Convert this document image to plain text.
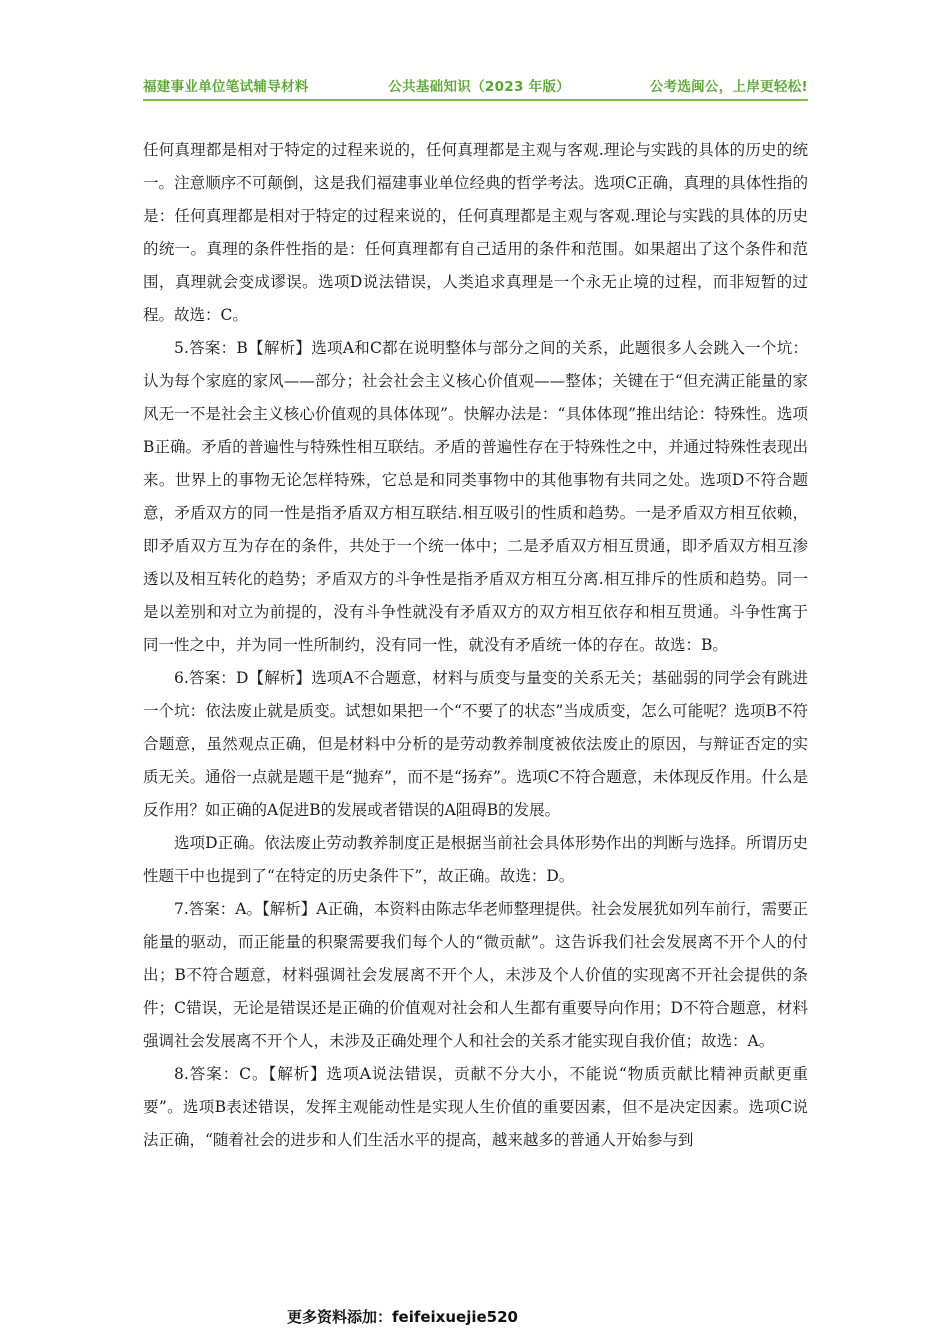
福建事业单位笔试辅导材料	公共基础知识（2023 年版）	公考选闽公，上岸更轻松!

任何真理都是相对于特定的过程来说的，任何真理都是主观与客观.理论与实践的具体的历史的统一。注意顺序不可颠倒，这是我们福建事业单位经典的哲学考法。选项C正确，真理的具体性指的是：任何真理都是相对于特定的过程来说的，任何真理都是主观与客观.理论与实践的具体的历史的统一。真理的条件性指的是：任何真理都有自己适用的条件和范围。如果超出了这个条件和范围，真理就会变成谬误。选项D说法错误，人类追求真理是一个永无止境的过程，而非短暂的过程。故选：C。

5.答案：B【解析】选项A和C都在说明整体与部分之间的关系，此题很多人会跳入一个坑：认为每个家庭的家风——部分；社会社会主义核心价值观——整体；关键在于“但充满正能量的家风无一不是社会主义核心价值观的具体体现”。快解办法是：“具体体现”推出结论：特殊性。选项B正确。矛盾的普遍性与特殊性相互联结。矛盾的普遍性存在于特殊性之中，并通过特殊性表现出来。世界上的事物无论怎样特殊，它总是和同类事物中的其他事物有共同之处。选项D不符合题意，矛盾双方的同一性是指矛盾双方相互联结.相互吸引的性质和趋势。一是矛盾双方相互依赖，即矛盾双方互为存在的条件，共处于一个统一体中；二是矛盾双方相互贯通，即矛盾双方相互渗透以及相互转化的趋势；矛盾双方的斗争性是指矛盾双方相互分离.相互排斥的性质和趋势。同一是以差别和对立为前提的，没有斗争性就没有矛盾双方的双方相互依存和相互贯通。斗争性寓于同一性之中，并为同一性所制约，没有同一性，就没有矛盾统一体的存在。故选：B。

6.答案：D【解析】选项A不合题意，材料与质变与量变的关系无关；基础弱的同学会有跳进一个坑：依法废止就是质变。试想如果把一个“不要了的状态”当成质变，怎么可能呢？选项B不符合题意，虽然观点正确，但是材料中分析的是劳动教养制度被依法废止的原因，与辩证否定的实质无关。通俗一点就是题干是“抛弃”，而不是“扬弃”。选项C不符合题意，未体现反作用。什么是反作用？如正确的A促进B的发展或者错误的A阻碍B的发展。

选项D正确。依法废止劳动教养制度正是根据当前社会具体形势作出的判断与选择。所谓历史性题干中也提到了“在特定的历史条件下”，故正确。故选：D。

7.答案：A。【解析】A正确，本资料由陈志华老师整理提供。社会发展犹如列车前行，需要正能量的驱动，而正能量的积聚需要我们每个人的“微贡献”。这告诉我们社会发展离不开个人的付出；B不符合题意，材料强调社会发展离不开个人，未涉及个人价值的实现离不开社会提供的条件；C错误，无论是错误还是正确的价值观对社会和人生都有重要导向作用；D不符合题意，材料强调社会发展离不开个人，未涉及正确处理个人和社会的关系才能实现自我价值；故选：A。

8.答案：C。【解析】选项A说法错误，贡献不分大小，不能说“物质贡献比精神贡献更重要”。选项B表述错误，发挥主观能动性是实现人生价值的重要因素，但不是决定因素。选项C说法正确，“随着社会的进步和人们生活水平的提高，越来越多的普通人开始参与到

更多资料添加：feifeixuejie520
